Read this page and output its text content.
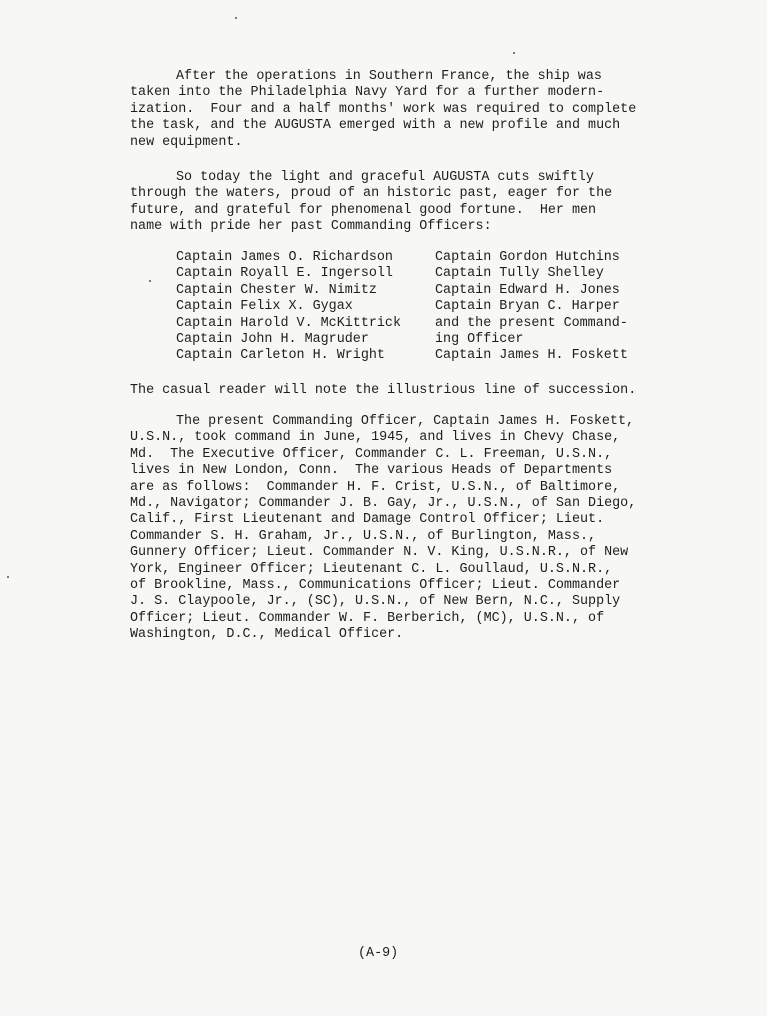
After the operations in Southern France, the ship was
taken into the Philadelphia Navy Yard for a further modern-
ization.  Four and a half months' work was required to complete
the task, and the AUGUSTA emerged with a new profile and much
new equipment.
So today the light and graceful AUGUSTA cuts swiftly
through the waters, proud of an historic past, eager for the
future, and grateful for phenomenal good fortune.  Her men
name with pride her past Commanding Officers:
Captain James O. Richardson
Captain Royall E. Ingersoll
Captain Chester W. Nimitz
Captain Felix X. Gygax
Captain Harold V. McKittrick
Captain John H. Magruder
Captain Carleton H. Wright
Captain Gordon Hutchins
Captain Tully Shelley
Captain Edward H. Jones
Captain Bryan C. Harper
and the present Command-
ing Officer
Captain James H. Foskett
The casual reader will note the illustrious line of succession.
The present Commanding Officer, Captain James H. Foskett,
U.S.N., took command in June, 1945, and lives in Chevy Chase,
Md.  The Executive Officer, Commander C. L. Freeman, U.S.N.,
lives in New London, Conn.  The various Heads of Departments
are as follows:  Commander H. F. Crist, U.S.N., of Baltimore,
Md., Navigator; Commander J. B. Gay, Jr., U.S.N., of San Diego,
Calif., First Lieutenant and Damage Control Officer; Lieut.
Commander S. H. Graham, Jr., U.S.N., of Burlington, Mass.,
Gunnery Officer; Lieut. Commander N. V. King, U.S.N.R., of New
York, Engineer Officer; Lieutenant C. L. Goullaud, U.S.N.R.,
of Brookline, Mass., Communications Officer; Lieut. Commander
J. S. Claypoole, Jr., (SC), U.S.N., of New Bern, N.C., Supply
Officer; Lieut. Commander W. F. Berberich, (MC), U.S.N., of
Washington, D.C., Medical Officer.
(A-9)
